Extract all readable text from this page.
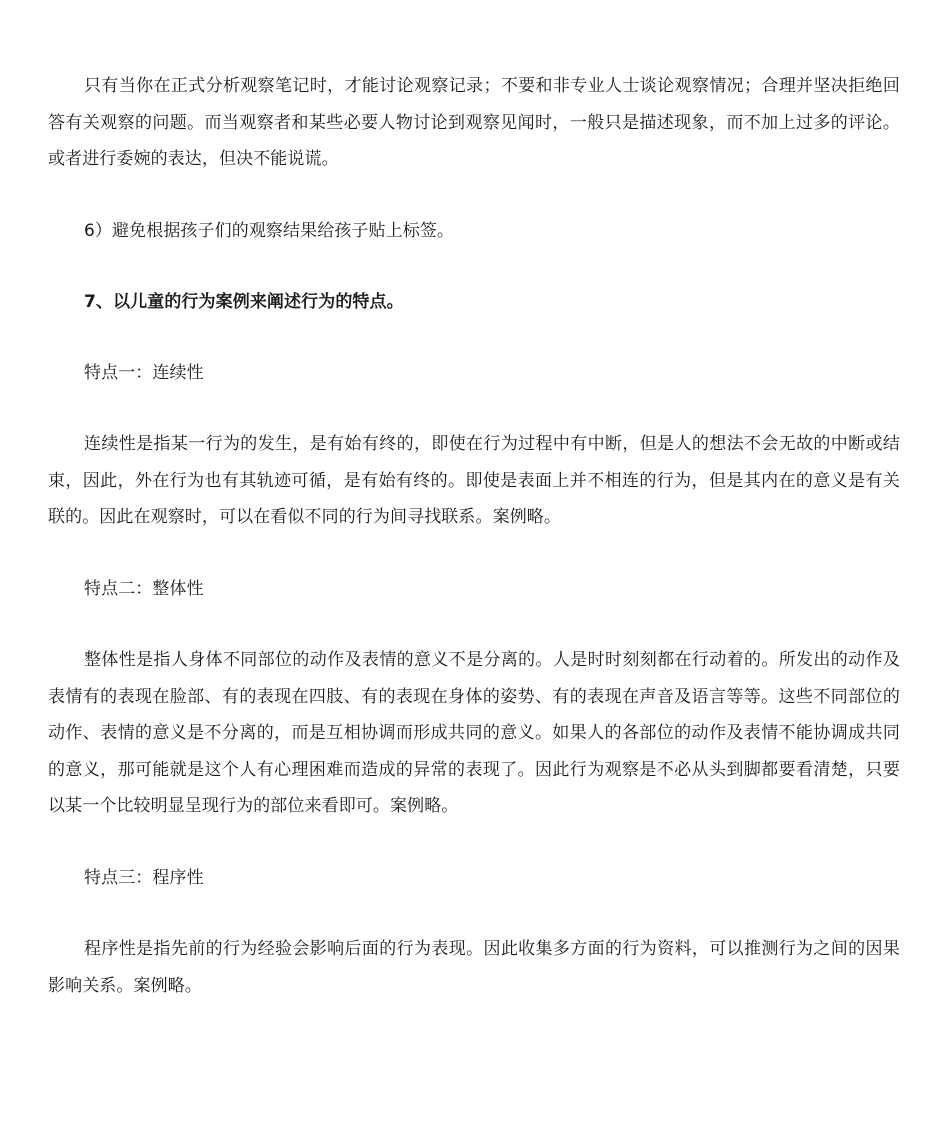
只有当你在正式分析观察笔记时，才能讨论观察记录；不要和非专业人士谈论观察情况；合理并坚决拒绝回答有关观察的问题。而当观察者和某些必要人物讨论到观察见闻时，一般只是描述现象，而不加上过多的评论。或者进行委婉的表达，但决不能说谎。

6）避免根据孩子们的观察结果给孩子贴上标签。

7、以儿童的行为案例来阐述行为的特点。

特点一：连续性

连续性是指某一行为的发生，是有始有终的，即使在行为过程中有中断，但是人的想法不会无故的中断或结束，因此，外在行为也有其轨迹可循，是有始有终的。即使是表面上并不相连的行为，但是其内在的意义是有关联的。因此在观察时，可以在看似不同的行为间寻找联系。案例略。

特点二：整体性

整体性是指人身体不同部位的动作及表情的意义不是分离的。人是时时刻刻都在行动着的。所发出的动作及表情有的表现在脸部、有的表现在四肢、有的表现在身体的姿势、有的表现在声音及语言等等。这些不同部位的动作、表情的意义是不分离的，而是互相协调而形成共同的意义。如果人的各部位的动作及表情不能协调成共同的意义，那可能就是这个人有心理困难而造成的异常的表现了。因此行为观察是不必从头到脚都要看清楚，只要以某一个比较明显呈现行为的部位来看即可。案例略。

特点三：程序性

程序性是指先前的行为经验会影响后面的行为表现。因此收集多方面的行为资料，可以推测行为之间的因果影响关系。案例略。
